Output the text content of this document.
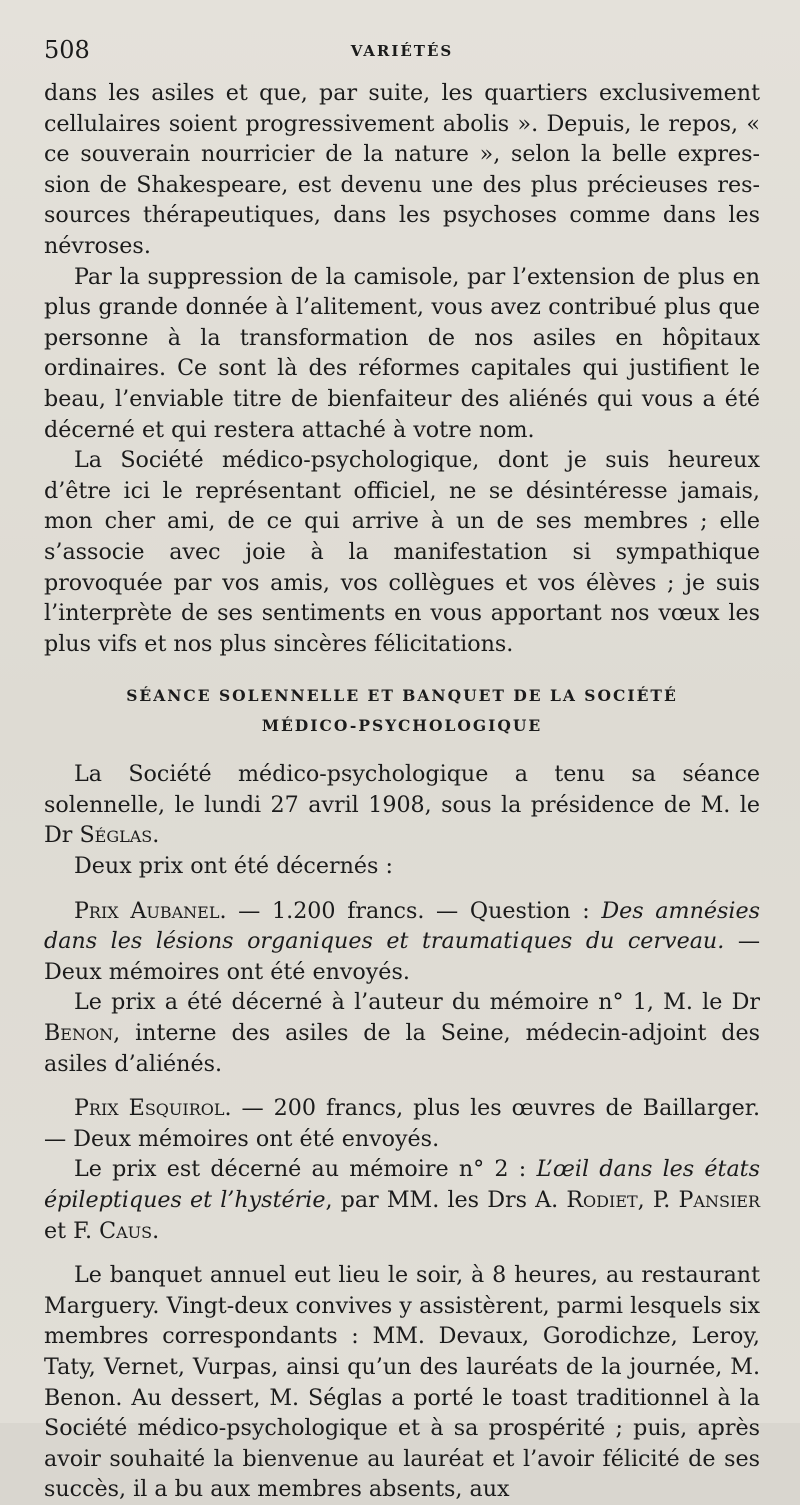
508	VARIÉTÉS

dans les asiles et que, par suite, les quartiers exclusivement cellulaires soient progressivement abolis ». Depuis, le repos, « ce souverain nourricier de la nature », selon la belle expression de Shakespeare, est devenu une des plus précieuses ressources thérapeutiques, dans les psychoses comme dans les névroses.

Par la suppression de la camisole, par l’extension de plus en plus grande donnée à l’alitement, vous avez contribué plus que personne à la transformation de nos asiles en hôpitaux ordinaires. Ce sont là des réformes capitales qui justifient le beau, l’enviable titre de bienfaiteur des aliénés qui vous a été décerné et qui restera attaché à votre nom.

La Société médico-psychologique, dont je suis heureux d’être ici le représentant officiel, ne se désintéresse jamais, mon cher ami, de ce qui arrive à un de ses membres ; elle s’associe avec joie à la manifestation si sympathique provoquée par vos amis, vos collègues et vos élèves ; je suis l’interprète de ses sentiments en vous apportant nos vœux les plus vifs et nos plus sincères félicitations.

SÉANCE SOLENNELLE ET BANQUET DE LA SOCIÉTÉ
MÉDICO-PSYCHOLOGIQUE

La Société médico-psychologique a tenu sa séance solennelle, le lundi 27 avril 1908, sous la présidence de M. le Dr Séglas.

Deux prix ont été décernés :

Prix Aubanel. — 1.200 francs. — Question : Des amnésies dans les lésions organiques et traumatiques du cerveau. — Deux mémoires ont été envoyés.

Le prix a été décerné à l’auteur du mémoire n° 1, M. le Dr Benon, interne des asiles de la Seine, médecin-adjoint des asiles d’aliénés.

Prix Esquirol. — 200 francs, plus les œuvres de Baillarger. — Deux mémoires ont été envoyés.

Le prix est décerné au mémoire n° 2 : L’œil dans les états épileptiques et l’hystérie, par MM. les Drs A. Rodiet, P. Pansier et F. Caus.

Le banquet annuel eut lieu le soir, à 8 heures, au restaurant Marguery. Vingt-deux convives y assistèrent, parmi lesquels six membres correspondants : MM. Devaux, Gorodichze, Leroy, Taty, Vernet, Vurpas, ainsi qu’un des lauréats de la journée, M. Benon. Au dessert, M. Séglas a porté le toast traditionnel à la Société médico-psychologique et à sa prospérité ; puis, après avoir souhaité la bienvenue au lauréat et l’avoir félicité de ses succès, il a bu aux membres absents, aux
